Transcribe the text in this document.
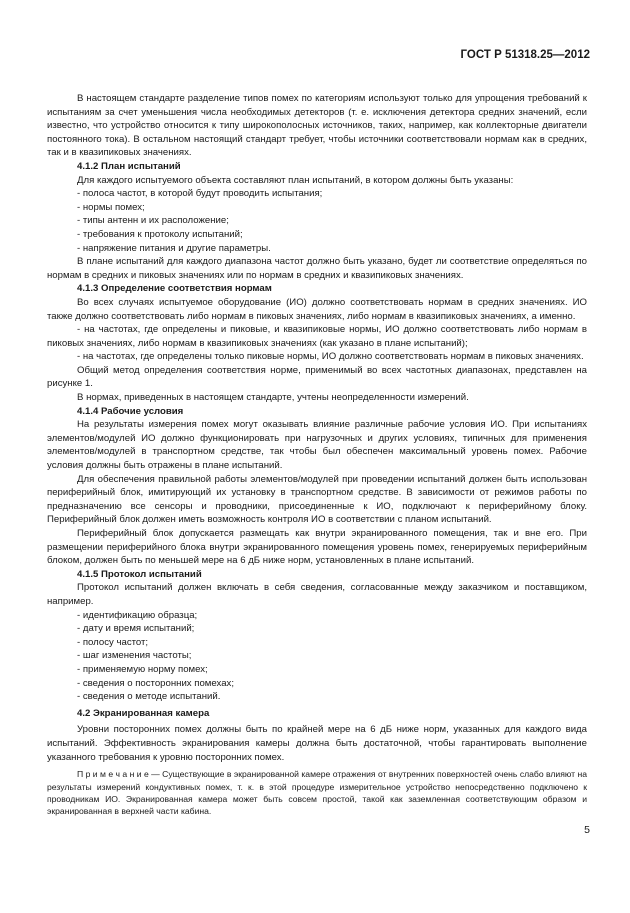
ГОСТ Р 51318.25—2012

В настоящем стандарте разделение типов помех по категориям используют только для упрощения требований к испытаниям за счет уменьшения числа необходимых детекторов (т. е. исключения детектора средних значений, если известно, что устройство относится к типу широкополосных источников, таких, например, как коллекторные двигатели постоянного тока). В остальном настоящий стандарт требует, чтобы источники соответствовали нормам как в средних, так и в квазипиковых значениях.

4.1.2 План испытаний

Для каждого испытуемого объекта составляют план испытаний, в котором должны быть указаны:

- полоса частот, в которой будут проводить испытания;

- нормы помех;

- типы антенн и их расположение;

- требования к протоколу испытаний;

- напряжение питания и другие параметры.

В плане испытаний для каждого диапазона частот должно быть указано, будет ли соответствие определяться по нормам в средних и пиковых значениях или по нормам в средних и квазипиковых значениях.

4.1.3 Определение соответствия нормам

Во всех случаях испытуемое оборудование (ИО) должно соответствовать нормам в средних значениях. ИО также должно соответствовать либо нормам в пиковых значениях, либо нормам в квазипиковых значениях, а именно.

- на частотах, где определены и пиковые, и квазипиковые нормы, ИО должно соответствовать либо нормам в пиковых значениях, либо нормам в квазипиковых значениях (как указано в плане испытаний);

- на частотах, где определены только пиковые нормы, ИО должно соответствовать нормам в пиковых значениях.

Общий метод определения соответствия норме, применимый во всех частотных диапазонах, представлен на рисунке 1.

В нормах, приведенных в настоящем стандарте, учтены неопределенности измерений.

4.1.4 Рабочие условия

На результаты измерения помех могут оказывать влияние различные рабочие условия ИО. При испытаниях элементов/модулей ИО должно функционировать при нагрузочных и других условиях, типичных для применения элементов/модулей в транспортном средстве, так чтобы был обеспечен максимальный уровень помех. Рабочие условия должны быть отражены в плане испытаний.

Для обеспечения правильной работы элементов/модулей при проведении испытаний должен быть использован периферийный блок, имитирующий их установку в транспортном средстве. В зависимости от режимов работы по предназначению все сенсоры и проводники, присоединенные к ИО, подключают к периферийному блоку. Периферийный блок должен иметь возможность контроля ИО в соответствии с планом испытаний.

Периферийный блок допускается размещать как внутри экранированного помещения, так и вне его. При размещении периферийного блока внутри экранированного помещения уровень помех, генерируемых периферийным блоком, должен быть по меньшей мере на 6 дБ ниже норм, установленных в плане испытаний.

4.1.5 Протокол испытаний

Протокол испытаний должен включать в себя сведения, согласованные между заказчиком и поставщиком, например.

- идентификацию образца;

- дату и время испытаний;

- полосу частот;

- шаг изменения частоты;

- применяемую норму помех;

- сведения о посторонних помехах;

- сведения о методе испытаний.

4.2 Экранированная камера

Уровни посторонних помех должны быть по крайней мере на 6 дБ ниже норм, указанных для каждого вида испытаний. Эффективность экранирования камеры должна быть достаточной, чтобы гарантировать выполнение указанного требования к уровню посторонних помех.

П р и м е ч а н и е — Существующие в экранированной камере отражения от внутренних поверхностей очень слабо влияют на результаты измерений кондуктивных помех, т. к. в этой процедуре измерительное устройство непосредственно подключено к проводникам ИО. Экранированная камера может быть совсем простой, такой как заземленная соответствующим образом и экранированная в верхней части кабина.

5
